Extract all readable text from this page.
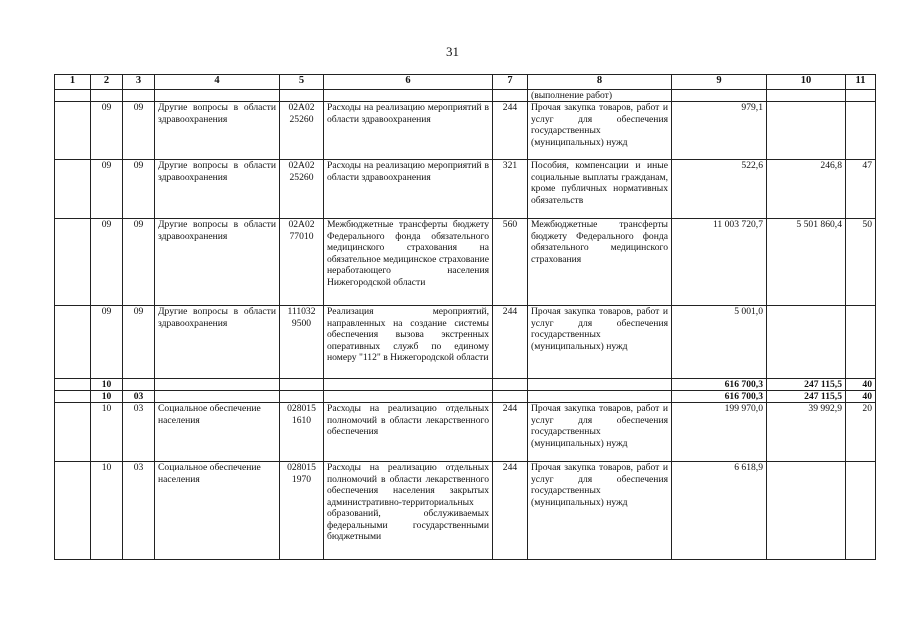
31
1	2	3	4	5	6	7	8	9	10	11
							(выполнение работ)			
	09	09	Другие вопросы в области здравоохранения	02А02 25260	Расходы на реализацию мероприятий в области здравоохранения	244	Прочая закупка товаров, работ и услуг для обеспечения государственных (муниципальных) нужд	979,1		
	09	09	Другие вопросы в области здравоохранения	02А02 25260	Расходы на реализацию мероприятий в области здравоохранения	321	Пособия, компенсации и иные социальные выплаты гражданам, кроме публичных нормативных обязательств	522,6	246,8	47
	09	09	Другие вопросы в области здравоохранения	02А02 77010	Межбюджетные трансферты бюджету Федерального фонда обязательного медицинского страхования на обязательное медицинское страхование неработающего населения Нижегородской области	560	Межбюджетные трансферты бюджету Федерального фонда обязательного медицинского страхования	11 003 720,7	5 501 860,4	50
	09	09	Другие вопросы в области здравоохранения	111032 9500	Реализация мероприятий, направленных на создание системы обеспечения вызова экстренных оперативных служб по единому номеру "112" в Нижегородской области	244	Прочая закупка товаров, работ и услуг для обеспечения государственных (муниципальных) нужд	5 001,0		
	10							616 700,3	247 115,5	40
	10	03						616 700,3	247 115,5	40
	10	03	Социальное обеспечение населения	028015 1610	Расходы на реализацию отдельных полномочий в области лекарственного обеспечения	244	Прочая закупка товаров, работ и услуг для обеспечения государственных (муниципальных) нужд	199 970,0	39 992,9	20
	10	03	Социальное обеспечение населения	028015 1970	Расходы на реализацию отдельных полномочий в области лекарственного обеспечения населения закрытых административно-территориальных образований, обслуживаемых федеральными государственными бюджетными	244	Прочая закупка товаров, работ и услуг для обеспечения государственных (муниципальных) нужд	6 618,9		
